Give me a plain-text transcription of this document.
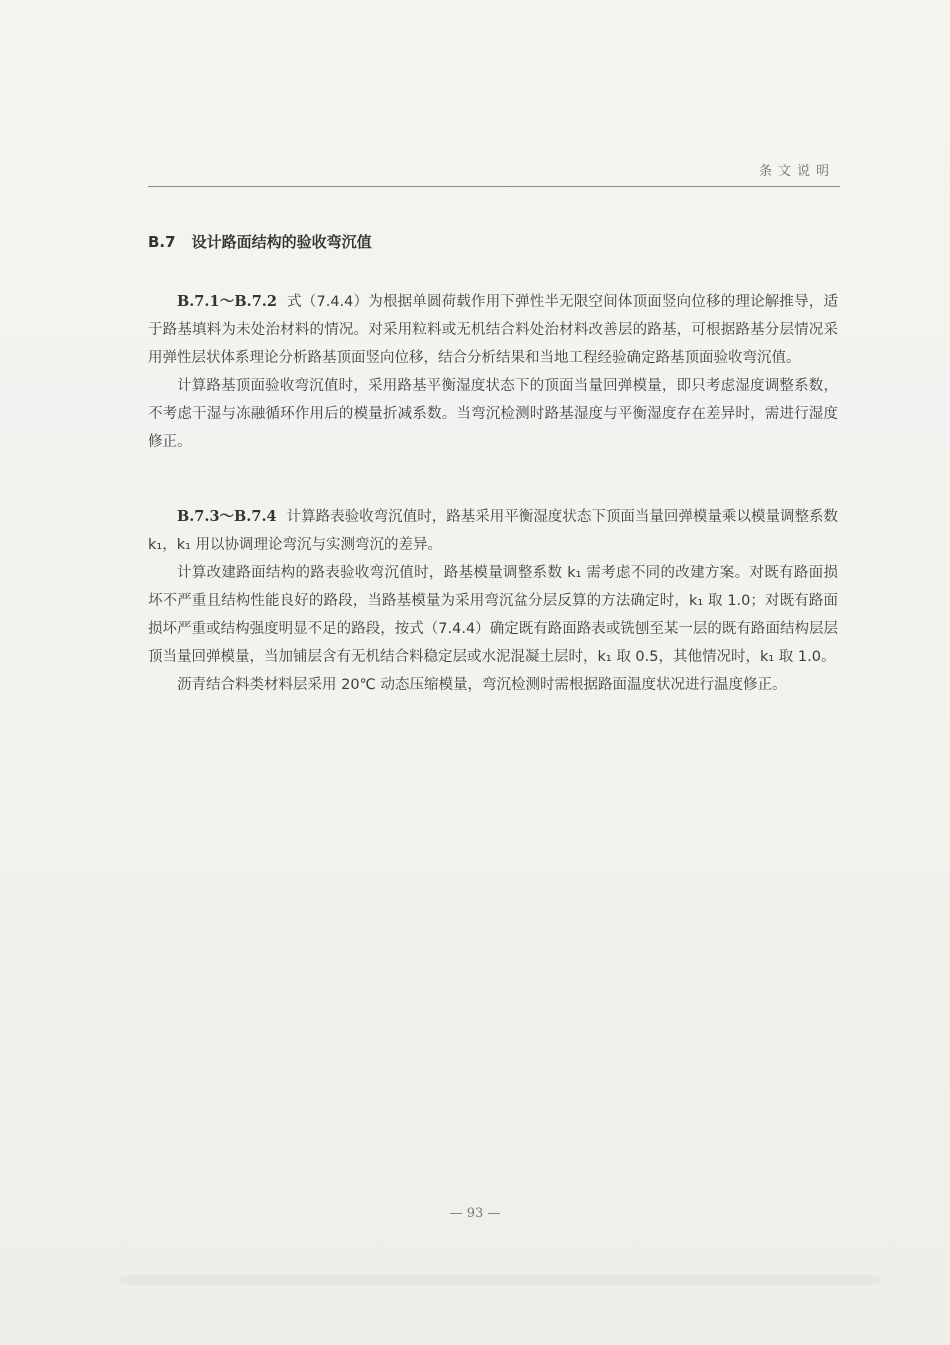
条文说明
B.7 设计路面结构的验收弯沉值

B.7.1～B.7.2 式（7.4.4）为根据单圆荷载作用下弹性半无限空间体顶面竖向位移的理论解推导，适于路基填料为未处治材料的情况。对采用粒料或无机结合料处治材料改善层的路基，可根据路基分层情况采用弹性层状体系理论分析路基顶面竖向位移，结合分析结果和当地工程经验确定路基顶面验收弯沉值。

计算路基顶面验收弯沉值时，采用路基平衡湿度状态下的顶面当量回弹模量，即只考虑湿度调整系数，不考虑干湿与冻融循环作用后的模量折减系数。当弯沉检测时路基湿度与平衡湿度存在差异时，需进行湿度修正。

B.7.3～B.7.4 计算路表验收弯沉值时，路基采用平衡湿度状态下顶面当量回弹模量乘以模量调整系数 k₁，k₁ 用以协调理论弯沉与实测弯沉的差异。

计算改建路面结构的路表验收弯沉值时，路基模量调整系数 k₁ 需考虑不同的改建方案。对既有路面损坏不严重且结构性能良好的路段，当路基模量为采用弯沉盆分层反算的方法确定时，k₁ 取 1.0；对既有路面损坏严重或结构强度明显不足的路段，按式（7.4.4）确定既有路面路表或铣刨至某一层的既有路面结构层层顶当量回弹模量，当加铺层含有无机结合料稳定层或水泥混凝土层时，k₁ 取 0.5，其他情况时，k₁ 取 1.0。

沥青结合料类材料层采用 20℃ 动态压缩模量，弯沉检测时需根据路面温度状况进行温度修正。

— 93 —
